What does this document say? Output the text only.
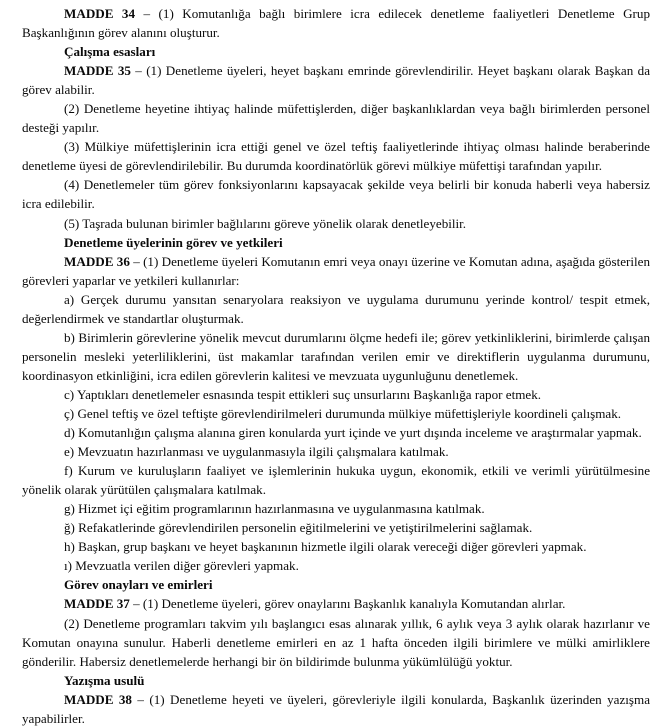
MADDE 34 – (1) Komutanlığa bağlı birimlere icra edilecek denetleme faaliyetleri Denetleme Grup Başkanlığının görev alanını oluşturur.

Çalışma esasları

MADDE 35 – (1) Denetleme üyeleri, heyet başkanı emrinde görevlendirilir. Heyet başkanı olarak Başkan da görev alabilir.

(2) Denetleme heyetine ihtiyaç halinde müfettişlerden, diğer başkanlıklardan veya bağlı birimlerden personel desteği yapılır.

(3) Mülkiye müfettişlerinin icra ettiği genel ve özel teftiş faaliyetlerinde ihtiyaç olması halinde beraberinde denetleme üyesi de görevlendirilebilir. Bu durumda koordinatörlük görevi mülkiye müfettişi tarafından yapılır.

(4) Denetlemeler tüm görev fonksiyonlarını kapsayacak şekilde veya belirli bir konuda haberli veya habersiz icra edilebilir.

(5) Taşrada bulunan birimler bağlılarını göreve yönelik olarak denetleyebilir.

Denetleme üyelerinin görev ve yetkileri

MADDE 36 – (1) Denetleme üyeleri Komutanın emri veya onayı üzerine ve Komutan adına, aşağıda gösterilen görevleri yaparlar ve yetkileri kullanırlar:

a) Gerçek durumu yansıtan senaryolara reaksiyon ve uygulama durumunu yerinde kontrol/ tespit etmek, değerlendirmek ve standartlar oluşturmak.

b) Birimlerin görevlerine yönelik mevcut durumlarını ölçme hedefi ile; görev yetkinliklerini, birimlerde çalışan personelin mesleki yeterliliklerini, üst makamlar tarafından verilen emir ve direktiflerin uygulanma durumunu, koordinasyon etkinliğini, icra edilen görevlerin kalitesi ve mevzuata uygunluğunu denetlemek.

c) Yaptıkları denetlemeler esnasında tespit ettikleri suç unsurlarını Başkanlığa rapor etmek.

ç) Genel teftiş ve özel teftişte görevlendirilmeleri durumunda mülkiye müfettişleriyle koordineli çalışmak.

d) Komutanlığın çalışma alanına giren konularda yurt içinde ve yurt dışında inceleme ve araştırmalar yapmak.

e) Mevzuatın hazırlanması ve uygulanmasıyla ilgili çalışmalara katılmak.

f) Kurum ve kuruluşların faaliyet ve işlemlerinin hukuka uygun, ekonomik, etkili ve verimli yürütülmesine yönelik olarak yürütülen çalışmalara katılmak.

g) Hizmet içi eğitim programlarının hazırlanmasına ve uygulanmasına katılmak.

ğ) Refakatlerinde görevlendirilen personelin eğitilmelerini ve yetiştirilmelerini sağlamak.

h) Başkan, grup başkanı ve heyet başkanının hizmetle ilgili olarak vereceği diğer görevleri yapmak.

ı) Mevzuatla verilen diğer görevleri yapmak.

Görev onayları ve emirleri

MADDE 37 – (1) Denetleme üyeleri, görev onaylarını Başkanlık kanalıyla Komutandan alırlar.

(2) Denetleme programları takvim yılı başlangıcı esas alınarak yıllık, 6 aylık veya 3 aylık olarak hazırlanır ve Komutan onayına sunulur. Haberli denetleme emirleri en az 1 hafta önceden ilgili birimlere ve mülki amirliklere gönderilir. Habersiz denetlemelerde herhangi bir ön bildirimde bulunma yükümlülüğü yoktur.

Yazışma usulü

MADDE 38 – (1) Denetleme heyeti ve üyeleri, görevleriyle ilgili konularda, Başkanlık üzerinden yazışma yapabilirler.
